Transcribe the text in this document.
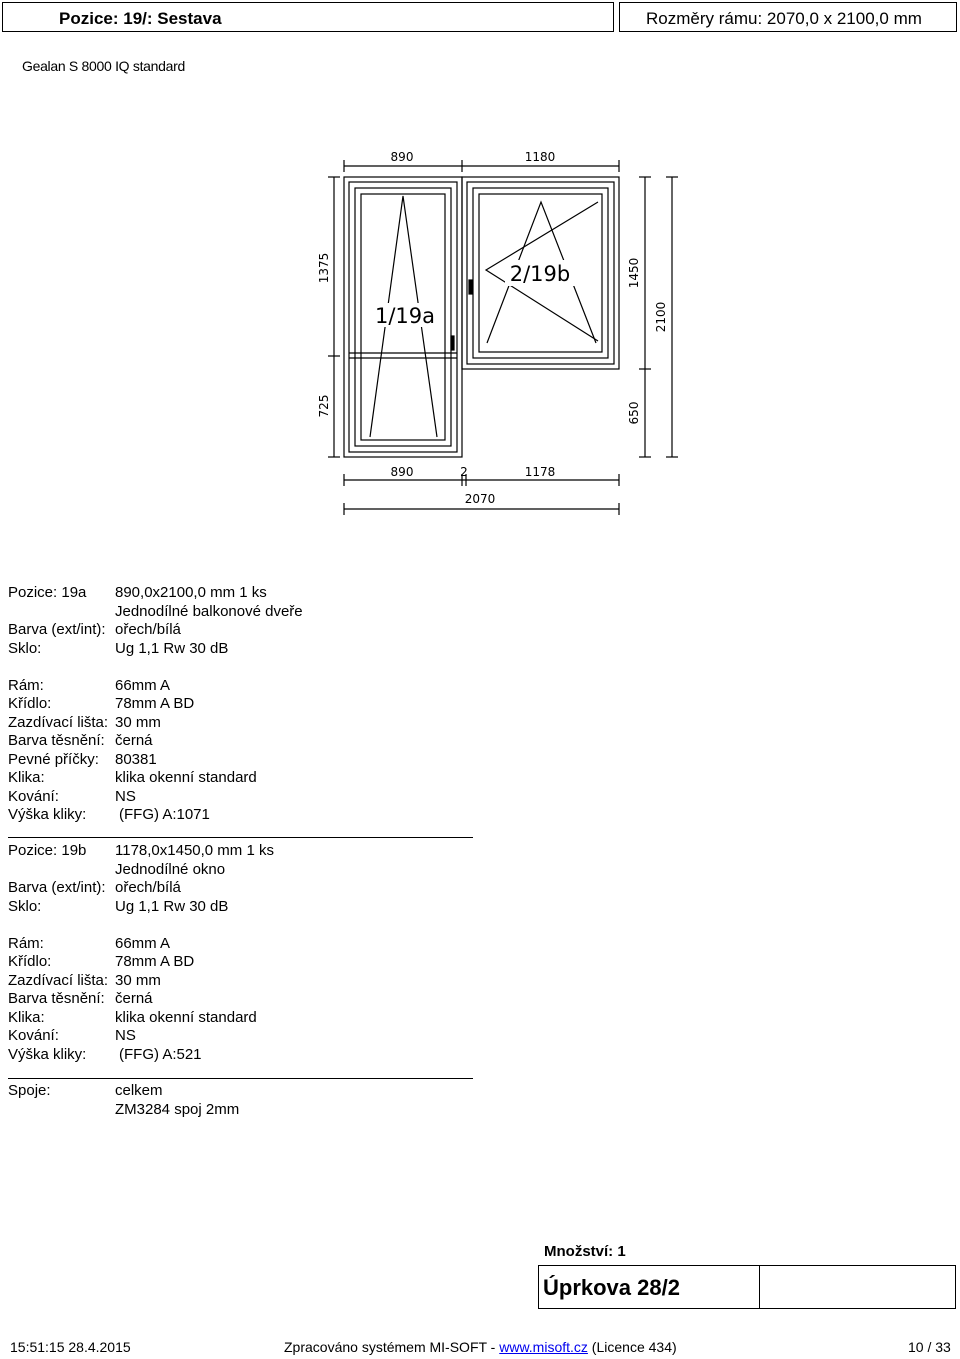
Pozice: 19/: Sestava	Rozměry rámu: 2070,0 x 2100,0 mm
Gealan S 8000 IQ standard
890	1180
1375
725
1450
2100
650
890	2	1178
2070
1/19a
2/19b
Pozice: 19a 890,0x2100,0 mm 1 ks
Jednodílné balkonové dveře
Barva (ext/int): ořech/bílá
Sklo:	Ug 1,1 Rw 30 dB
Rám:	66mm A
Křídlo:	78mm A BD
Zazdívací lišta: 30 mm
Barva těsnění: černá
Pevné příčky: 80381
Klika:	klika okenní standard
Kování:	NS
Výška kliky: (FFG) A:1071
Pozice: 19b 1178,0x1450,0 mm 1 ks
Jednodílné okno
Barva (ext/int): ořech/bílá
Sklo:	Ug 1,1 Rw 30 dB
Rám:	66mm A
Křídlo:	78mm A BD
Zazdívací lišta: 30 mm
Barva těsnění: černá
Klika:	klika okenní standard
Kování:	NS
Výška kliky: (FFG) A:521
Spoje:	celkem
ZM3284 spoj 2mm
Množství: 1
Úprkova 28/2
15:51:15 28.4.2015	Zpracováno systémem MI-SOFT - www.misoft.cz (Licence 434)	10 / 33
